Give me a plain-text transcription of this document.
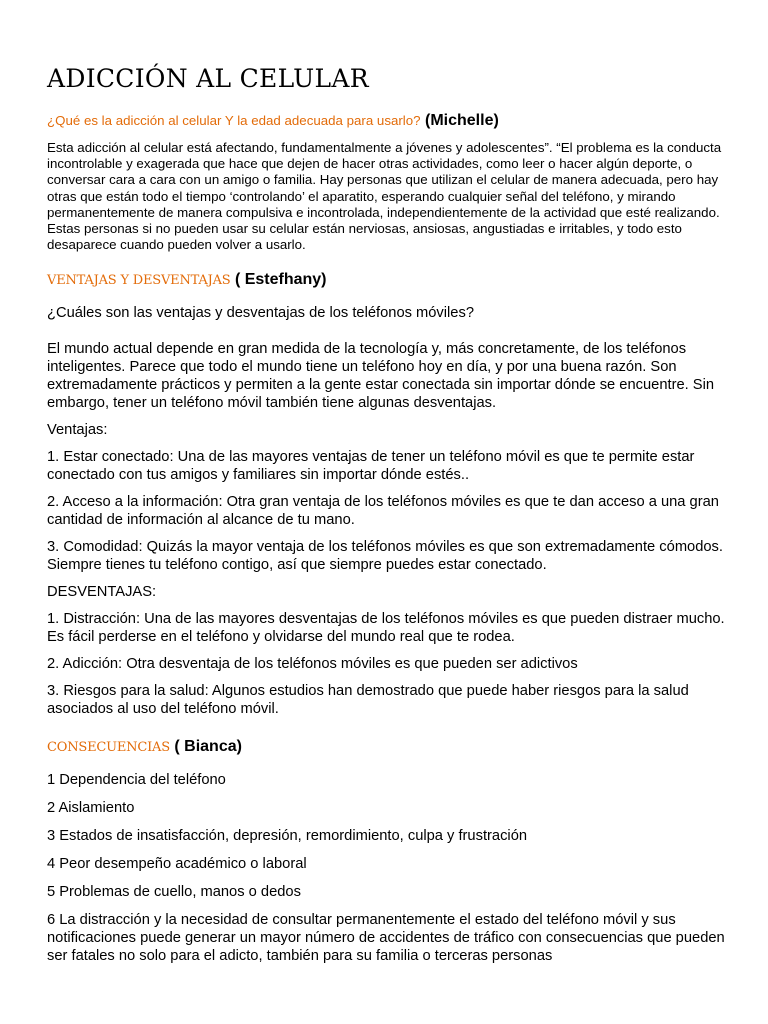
ADICCIÓN AL CELULAR
¿Qué es la adicción al celular Y la edad adecuada para usarlo? (Michelle)

Esta adicción al celular está afectando, fundamentalmente a jóvenes y adolescentes”. “El problema es la conducta incontrolable y exagerada que hace que dejen de hacer otras actividades, como leer o hacer algún deporte, o conversar cara a cara con un amigo o familia. Hay personas que utilizan el celular de manera adecuada, pero hay otras que están todo el tiempo ‘controlando’ el aparatito, esperando cualquier señal del teléfono, y mirando permanentemente de manera compulsiva e incontrolada, independientemente de la actividad que esté realizando. Estas personas si no pueden usar su celular están nerviosas, ansiosas, angustiadas e irritables, y todo esto desaparece cuando pueden volver a usarlo.

VENTAJAS Y DESVENTAJAS ( Estefhany)

¿Cuáles son las ventajas y desventajas de los teléfonos móviles?

El mundo actual depende en gran medida de la tecnología y, más concretamente, de los teléfonos inteligentes. Parece que todo el mundo tiene un teléfono hoy en día, y por una buena razón. Son extremadamente prácticos y permiten a la gente estar conectada sin importar dónde se encuentre. Sin embargo, tener un teléfono móvil también tiene algunas desventajas.

Ventajas:

1. Estar conectado: Una de las mayores ventajas de tener un teléfono móvil es que te permite estar conectado con tus amigos y familiares sin importar dónde estés..

2. Acceso a la información: Otra gran ventaja de los teléfonos móviles es que te dan acceso a una gran cantidad de información al alcance de tu mano.

3. Comodidad: Quizás la mayor ventaja de los teléfonos móviles es que son extremadamente cómodos. Siempre tienes tu teléfono contigo, así que siempre puedes estar conectado.

DESVENTAJAS:

1. Distracción: Una de las mayores desventajas de los teléfonos móviles es que pueden distraer mucho. Es fácil perderse en el teléfono y olvidarse del mundo real que te rodea.

2. Adicción: Otra desventaja de los teléfonos móviles es que pueden ser adictivos

3. Riesgos para la salud: Algunos estudios han demostrado que puede haber riesgos para la salud asociados al uso del teléfono móvil.

CONSECUENCIAS ( Bianca)

1 Dependencia del teléfono

2 Aislamiento

3 Estados de insatisfacción, depresión, remordimiento, culpa y frustración

4 Peor desempeño académico o laboral

5 Problemas de cuello, manos o dedos

6 La distracción y la necesidad de consultar permanentemente el estado del teléfono móvil y sus notificaciones puede generar un mayor número de accidentes de tráfico con consecuencias que pueden ser fatales no solo para el adicto, también para su familia o terceras personas
